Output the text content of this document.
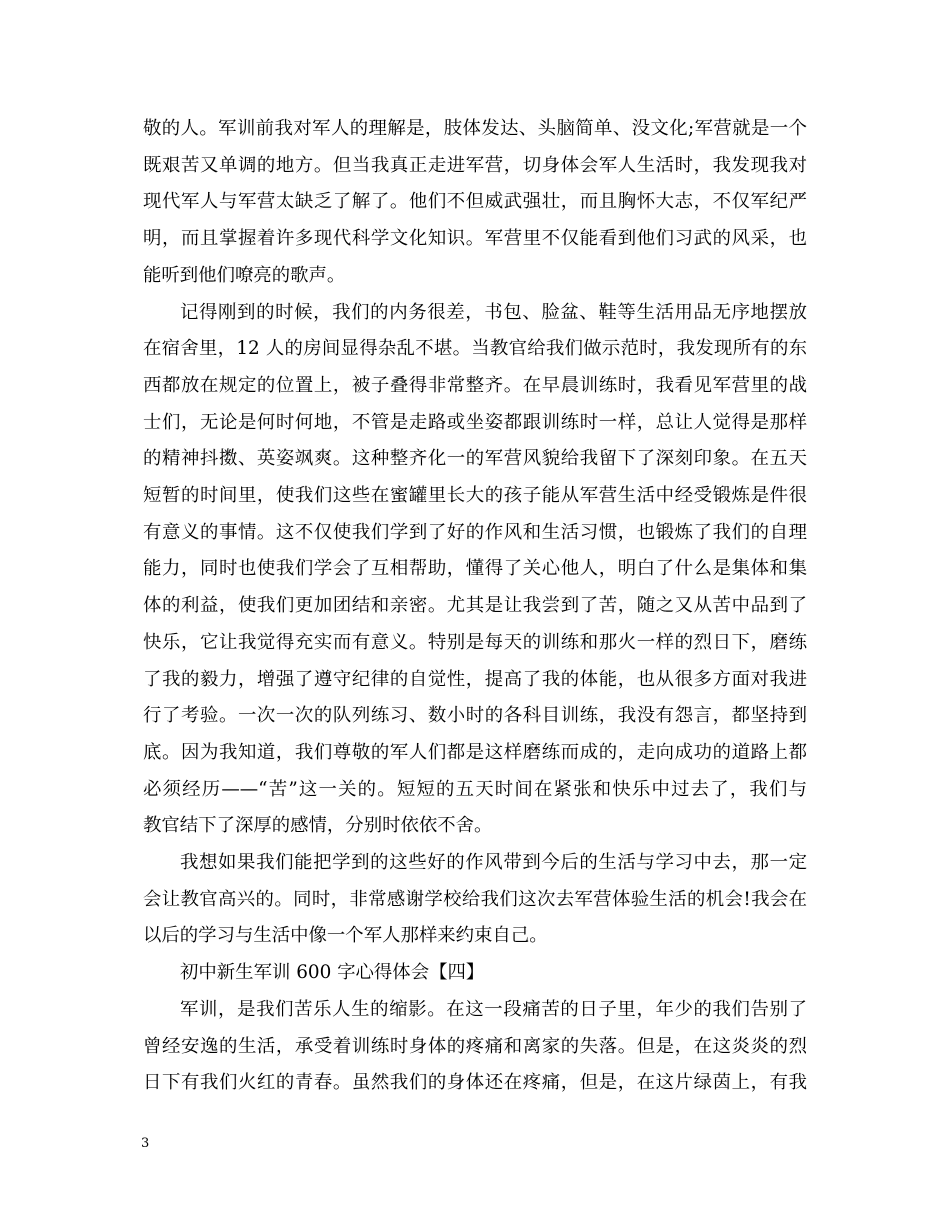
敬的人。军训前我对军人的理解是，肢体发达、头脑简单、没文化;军营就是一个
既艰苦又单调的地方。但当我真正走进军营，切身体会军人生活时，我发现我对
现代军人与军营太缺乏了解了。他们不但威武强壮，而且胸怀大志，不仅军纪严
明，而且掌握着许多现代科学文化知识。军营里不仅能看到他们习武的风采，也
能听到他们嘹亮的歌声。
记得刚到的时候，我们的内务很差，书包、脸盆、鞋等生活用品无序地摆放
在宿舍里，12 人的房间显得杂乱不堪。当教官给我们做示范时，我发现所有的东
西都放在规定的位置上，被子叠得非常整齐。在早晨训练时，我看见军营里的战
士们，无论是何时何地，不管是走路或坐姿都跟训练时一样，总让人觉得是那样
的精神抖擞、英姿飒爽。这种整齐化一的军营风貌给我留下了深刻印象。在五天
短暂的时间里，使我们这些在蜜罐里长大的孩子能从军营生活中经受锻炼是件很
有意义的事情。这不仅使我们学到了好的作风和生活习惯，也锻炼了我们的自理
能力，同时也使我们学会了互相帮助，懂得了关心他人，明白了什么是集体和集
体的利益，使我们更加团结和亲密。尤其是让我尝到了苦，随之又从苦中品到了
快乐，它让我觉得充实而有意义。特别是每天的训练和那火一样的烈日下，磨练
了我的毅力，增强了遵守纪律的自觉性，提高了我的体能，也从很多方面对我进
行了考验。一次一次的队列练习、数小时的各科目训练，我没有怨言，都坚持到
底。因为我知道，我们尊敬的军人们都是这样磨练而成的，走向成功的道路上都
必须经历——“苦”这一关的。短短的五天时间在紧张和快乐中过去了，我们与
教官结下了深厚的感情，分别时依依不舍。
我想如果我们能把学到的这些好的作风带到今后的生活与学习中去，那一定
会让教官高兴的。同时，非常感谢学校给我们这次去军营体验生活的机会!我会在
以后的学习与生活中像一个军人那样来约束自己。
初中新生军训 600 字心得体会【四】
军训，是我们苦乐人生的缩影。在这一段痛苦的日子里，年少的我们告别了
曾经安逸的生活，承受着训练时身体的疼痛和离家的失落。但是，在这炎炎的烈
日下有我们火红的青春。虽然我们的身体还在疼痛，但是，在这片绿茵上，有我
3
